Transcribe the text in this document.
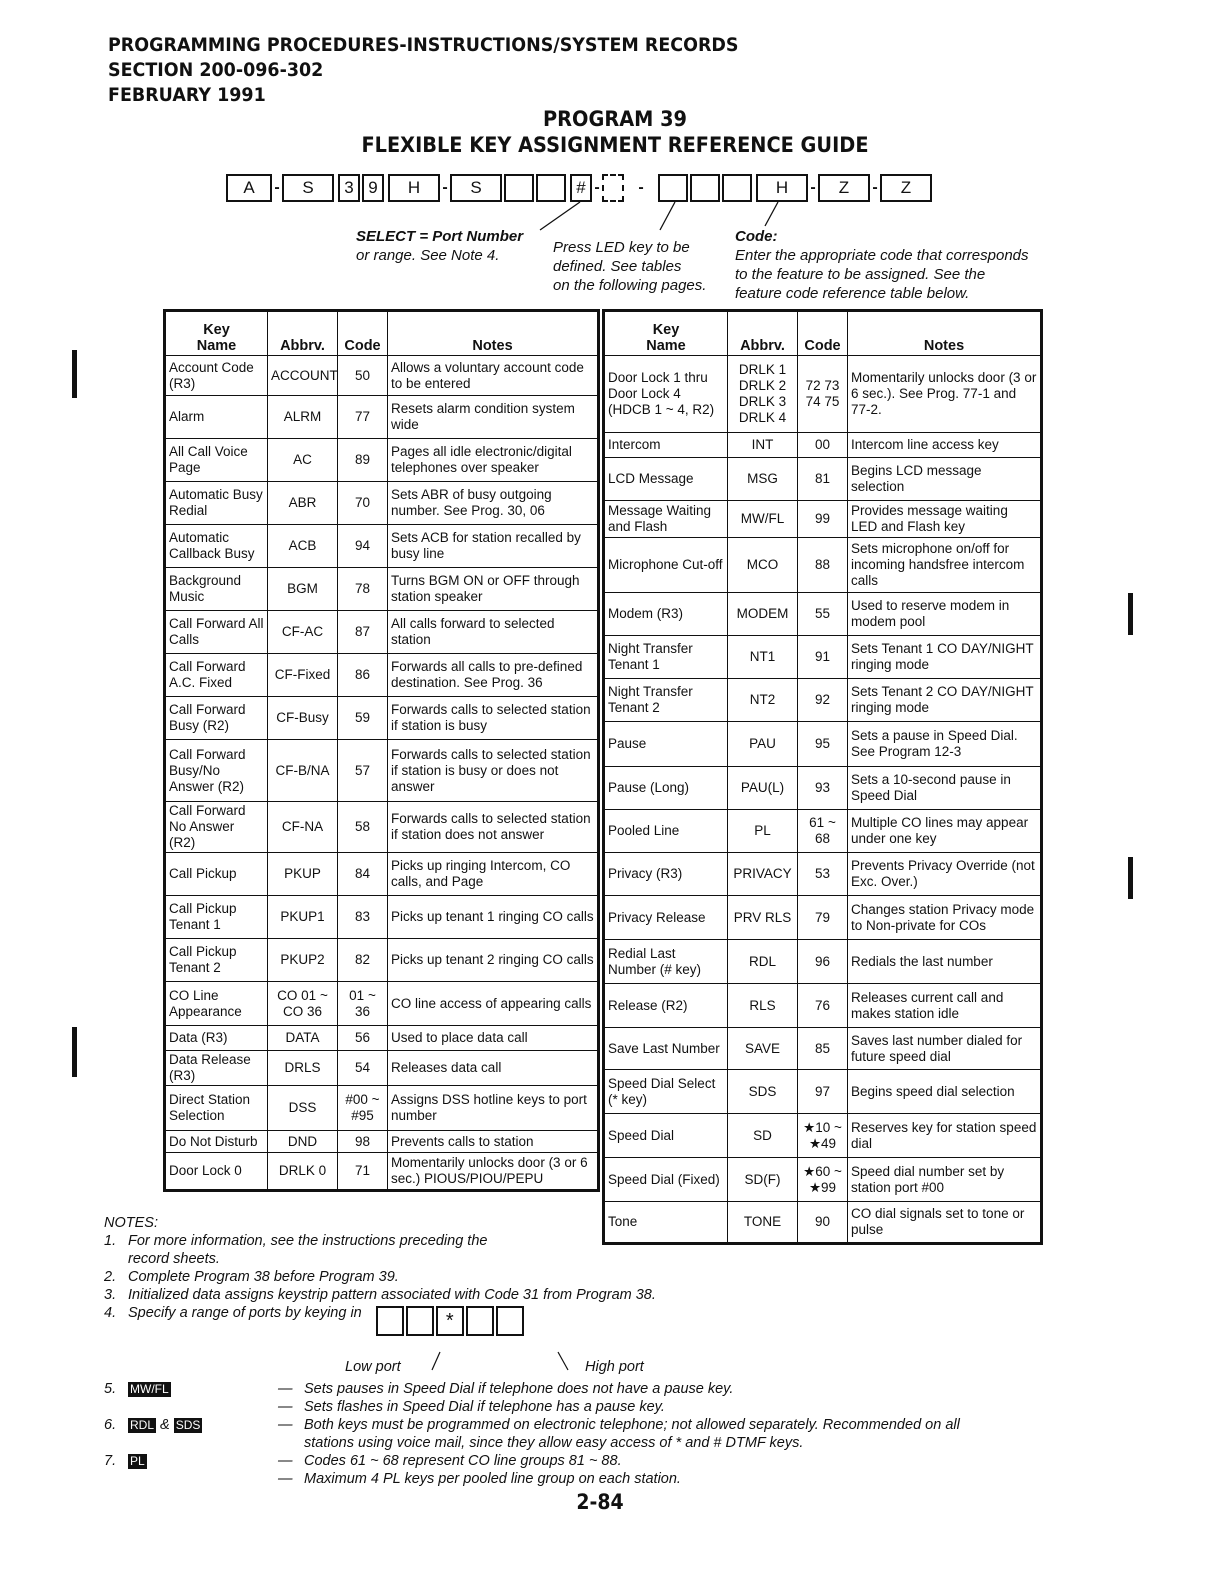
PROGRAMMING PROCEDURES-INSTRUCTIONS/SYSTEM RECORDS
SECTION 200-096-302
FEBRUARY 1991
PROGRAM 39
FLEXIBLE KEY ASSIGNMENT REFERENCE GUIDE
A	-	S	3 9	H	-	S	# -	-	H	-	Z	-	Z
SELECT = Port Number
or range. See Note 4.	Press LED key to be
defined. See tables
on the following pages.
Code:
Enter the appropriate code that corresponds
to the feature to be assigned. See the
feature code reference table below.
Key
Name	Abbrv.	Code	Notes
Account Code (R3)	ACCOUNT	50	Allows a voluntary account code to be entered
Alarm	ALRM	77	Resets alarm condition system wide
All Call Voice Page	AC	89	Pages all idle electronic/digital telephones over speaker
Automatic Busy Redial	ABR	70	Sets ABR of busy outgoing number. See Prog. 30, 06
Automatic Callback Busy	ACB	94	Sets ACB for station recalled by busy line
Background Music	BGM	78	Turns BGM ON or OFF through station speaker
Call Forward All Calls	CF-AC	87	All calls forward to selected station
Call Forward A.C. Fixed	CF-Fixed	86	Forwards all calls to pre-defined destination. See Prog. 36
Call Forward Busy (R2)	CF-Busy	59	Forwards calls to selected station if station is busy
Call Forward Busy/No Answer (R2)	CF-B/NA	57	Forwards calls to selected station if station is busy or does not answer
Call Forward No Answer (R2)	CF-NA	58	Forwards calls to selected station if station does not answer
Call Pickup	PKUP	84	Picks up ringing Intercom, CO calls, and Page
Call Pickup Tenant 1	PKUP1	83	Picks up tenant 1 ringing CO calls
Call Pickup Tenant 2	PKUP2	82	Picks up tenant 2 ringing CO calls
CO Line Appearance	CO 01 ~ CO 36	01 ~ 36	CO line access of appearing calls
Data (R3)	DATA	56	Used to place data call
Data Release (R3)	DRLS	54	Releases data call
Direct Station Selection	DSS	#00 ~ #95	Assigns DSS hotline keys to port number
Do Not Disturb	DND	98	Prevents calls to station
Door Lock 0	DRLK 0	71	Momentarily unlocks door (3 or 6 sec.) PIOUS/PIOU/PEPU
Key
Name	Abbrv.	Code	Notes
Door Lock 1 thru Door Lock 4 (HDCB 1 ~ 4, R2)	DRLK 1 DRLK 2 DRLK 3 DRLK 4	72 73 74 75	Momentarily unlocks door (3 or 6 sec.). See Prog. 77-1 and 77-2.
Intercom	INT	00	Intercom line access key
LCD Message	MSG	81	Begins LCD message selection
Message Waiting and Flash	MW/FL	99	Provides message waiting LED and Flash key
Microphone Cut-off	MCO	88	Sets microphone on/off for incoming handsfree intercom calls
Modem (R3)	MODEM	55	Used to reserve modem in modem pool
Night Transfer Tenant 1	NT1	91	Sets Tenant 1 CO DAY/NIGHT ringing mode
Night Transfer Tenant 2	NT2	92	Sets Tenant 2 CO DAY/NIGHT ringing mode
Pause	PAU	95	Sets a pause in Speed Dial. See Program 12-3
Pause (Long)	PAU(L)	93	Sets a 10-second pause in Speed Dial
Pooled Line	PL	61 ~ 68	Multiple CO lines may appear under one key
Privacy (R3)	PRIVACY	53	Prevents Privacy Override (not Exc. Over.)
Privacy Release	PRV RLS	79	Changes station Privacy mode to Non-private for COs
Redial Last Number (# key)	RDL	96	Redials the last number
Release (R2)	RLS	76	Releases current call and makes station idle
Save Last Number	SAVE	85	Saves last number dialed for future speed dial
Speed Dial Select (* key)	SDS	97	Begins speed dial selection
Speed Dial	SD	★10 ~ ★49	Reserves key for station speed dial
Speed Dial (Fixed)	SD(F)	★60 ~ ★99	Speed dial number set by station port #00
Tone	TONE	90	CO dial signals set to tone or pulse
NOTES:
1. For more information, see the instructions preceding the
record sheets.
2. Complete Program 38 before Program 39.
3. Initialized data assigns keystrip pattern associated with Code 31 from Program 38.
4. Specify a range of ports by keying in	*
Low port	High port
5.	MW/FL	— Sets pauses in Speed Dial if telephone does not have a pause key.
— Sets flashes in Speed Dial if telephone has a pause key.
6.	RDL & SDS	— Both keys must be programmed on electronic telephone; not allowed separately. Recommended on all
stations using voice mail, since they allow easy access of * and # DTMF keys.
7.	PL	— Codes 61 ~ 68 represent CO line groups 81 ~ 88.
— Maximum 4 PL keys per pooled line group on each station.
2-84
